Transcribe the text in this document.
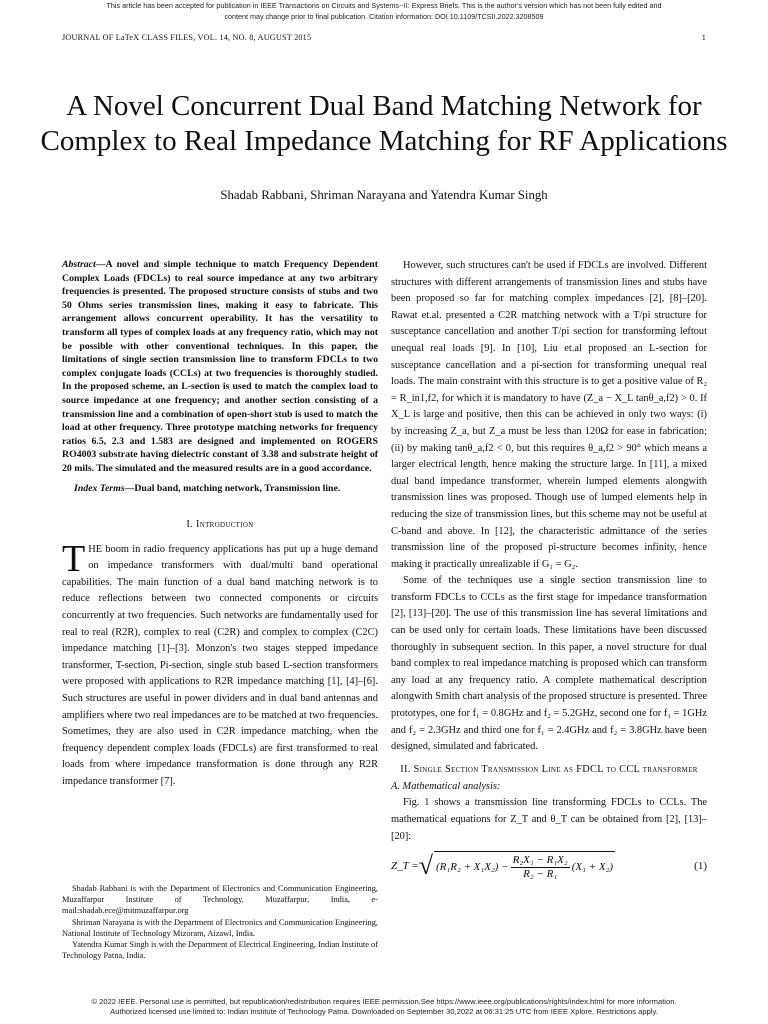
This article has been accepted for publication in IEEE Transactions on Circuits and Systems--II: Express Briefs. This is the author's version which has not been fully edited and
content may change prior to final publication. Citation information: DOI 10.1109/TCSII.2022.3208509
JOURNAL OF LaTeX CLASS FILES, VOL. 14, NO. 8, AUGUST 2015	1
A Novel Concurrent Dual Band Matching Network for Complex to Real Impedance Matching for RF Applications
Shadab Rabbani, Shriman Narayana and Yatendra Kumar Singh

Abstract—A novel and simple technique to match Frequency Dependent Complex Loads (FDCLs) to real source impedance at any two arbitrary frequencies is presented. The proposed structure consists of stubs and two 50 Ohms series transmission lines, making it easy to fabricate. This arrangement allows concurrent operability. It has the versatility to transform all types of complex loads at any frequency ratio, which may not be possible with other conventional techniques. In this paper, the limitations of single section transmission line to transform FDCLs to two complex conjugate loads (CCLs) at two frequencies is thoroughly studied. In the proposed scheme, an L-section is used to match the complex load to source impedance at one frequency; and another section consisting of a transmission line and a combination of open-short stub is used to match the load at other frequency. Three prototype matching networks for frequency ratios 6.5, 2.3 and 1.583 are designed and implemented on ROGERS RO4003 substrate having dielectric constant of 3.38 and substrate height of 20 mils. The simulated and the measured results are in a good accordance.

Index Terms—Dual band, matching network, Transmission line.

I. Introduction

THE boom in radio frequency applications has put up a huge demand on impedance transformers with dual/multi band operational capabilities. The main function of a dual band matching network is to reduce reflections between two connected components or circuits concurrently at two frequencies. Such networks are fundamentally used for real to real (R2R), complex to real (C2R) and complex to complex (C2C) impedance matching [1]–[3]. Monzon's two stages stepped impedance transformer, T-section, Pi-section, single stub based L-section transformers were proposed with applications to R2R impedance matching [1], [4]–[6]. Such structures are useful in power dividers and in dual band antennas and amplifiers where two real impedances are to be matched at two frequencies. Sometimes, they are also used in C2R impedance matching, when the frequency dependent complex loads (FDCLs) are first transformed to real loads from where impedance transformation is done through any R2R impedance transformer [7].

Shadab Rabbani is with the Department of Electronics and Communication Engineering, Muzaffarpur Institute of Technology, Muzaffarpur, India, e-mail:shadab.ece@mitmuzaffarpur.org

Shriman Narayana is with the Department of Electronics and Communication Engineering, National Institute of Technology Mizoram, Aizawl, India.

Yatendra Kumar Singh is with the Department of Electrical Engineering, Indian Institute of Technology Patna, India.

However, such structures can't be used if FDCLs are involved. Different structures with different arrangements of transmission lines and stubs have been proposed so far for matching complex impedances [2], [8]–[20]. Rawat et.al. presented a C2R matching network with a T/pi structure for susceptance cancellation and another T/pi section for transforming leftout unequal real loads [9]. In [10], Liu et.al proposed an L-section for susceptance cancellation and a pi-section for transforming unequal real loads. The main constraint with this structure is to get a positive value of R₂ = R_in1,f2, for which it is mandatory to have (Z_a − X_L tanθ_a,f2) > 0. If X_L is large and positive, then this can be achieved in only two ways: (i) by increasing Z_a, but Z_a must be less than 120Ω for ease in fabrication; (ii) by making tanθ_a,f2 < 0, but this requires θ_a,f2 > 90° which means a larger electrical length, hence making the structure large. In [11], a mixed dual band impedance transformer, wherein lumped elements alongwith transmission lines was proposed. Though use of lumped elements help in reducing the size of transmission lines, but this scheme may not be useful at C-band and above. In [12], the characteristic admittance of the series transmission line of the proposed pi-structure becomes infinity, hence making it practically unrealizable if G₁ = G₂.

Some of the techniques use a single section transmission line to transform FDCLs to CCLs as the first stage for impedance transformation [2], [13]–[20]. The use of this transmission line has several limitations and can be used only for certain loads. These limitations have been discussed thoroughly in subsequent section. In this paper, a novel structure for dual band complex to real impedance matching is proposed which can transform any load at any frequency ratio. A complete mathematical description alongwith Smith chart analysis of the proposed structure is presented. Three prototypes, one for f₁ = 0.8GHz and f₂ = 5.2GHz, second one for f₁ = 1GHz and f₂ = 2.3GHz and third one for f₁ = 2.4GHz and f₂ = 3.8GHz have been designed, simulated and fabricated.

II. Single Section Transmission Line as FDCL to CCL transformer

A. Mathematical analysis:

Fig. 1 shows a transmission line transforming FDCLs to CCLs. The mathematical equations for Z_T and θ_T can be obtained from [2], [13]–[20]:

Z_T = √ $(R_1R_2 + X_1X_2) - \frac{\text{R₂X₁ − R₁X₂}}{\text{R₂ − R₁}} (X_1 + X_2)$	(1)
© 2022 IEEE. Personal use is permitted, but republication/redistribution requires IEEE permission.See https://www.ieee.org/publications/rights/index.html for more information.
Authorized licensed use limited to: Indian Institute of Technology Patna. Downloaded on September 30,2022 at 06:31:25 UTC from IEEE Xplore. Restrictions apply.
